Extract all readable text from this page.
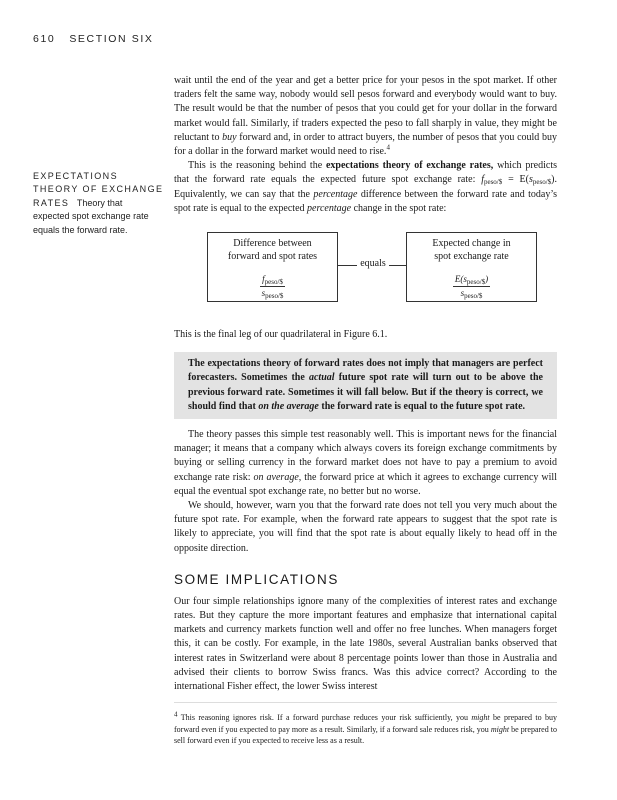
610 SECTION SIX
EXPECTATIONS
THEORY OF EXCHANGE
RATES Theory that
expected spot exchange rate equals the forward rate.

wait until the end of the year and get a better price for your pesos in the spot market. If other traders felt the same way, nobody would sell pesos forward and everybody would want to buy. The result would be that the number of pesos that you could get for your dollar in the forward market would fall. Similarly, if traders expected the peso to fall sharply in value, they might be reluctant to buy forward and, in order to attract buyers, the number of pesos that you could buy for a dollar in the forward market would need to rise.$^4$

This is the reasoning behind the expectations theory of exchange rates, which predicts that the forward rate equals the expected future spot exchange rate: $f_{peso/\$} = E(s_{peso/\$})$. Equivalently, we can say that the percentage difference between the forward rate and today’s spot rate is equal to the expected percentage change in the spot rate:

Difference between
forward and spot rates
$\frac{f_{peso/\$}}{s_{peso/\$}}$
equals
Expected change in
spot exchange rate
$\frac{E(s_{peso/\$})}{s_{peso/\$}}$

This is the final leg of our quadrilateral in Figure 6.1.

The expectations theory of forward rates does not imply that managers are perfect forecasters. Sometimes the actual future spot rate will turn out to be above the previous forward rate. Sometimes it will fall below. But if the theory is correct, we should find that on the average the forward rate is equal to the future spot rate.

The theory passes this simple test reasonably well. This is important news for the financial manager; it means that a company which always covers its foreign exchange commitments by buying or selling currency in the forward market does not have to pay a premium to avoid exchange rate risk: on average, the forward price at which it agrees to exchange currency will equal the eventual spot exchange rate, no better but no worse.

We should, however, warn you that the forward rate does not tell you very much about the future spot rate. For example, when the forward rate appears to suggest that the spot rate is likely to appreciate, you will find that the spot rate is about equally likely to head off in the opposite direction.

SOME IMPLICATIONS

Our four simple relationships ignore many of the complexities of interest rates and exchange rates. But they capture the more important features and emphasize that international capital markets and currency markets function well and offer no free lunches. When managers forget this, it can be costly. For example, in the late 1980s, several Australian banks observed that interest rates in Switzerland were about 8 percentage points lower than those in Australia and advised their clients to borrow Swiss francs. Was this advice correct? According to the international Fisher effect, the lower Swiss interest

$^4$ This reasoning ignores risk. If a forward purchase reduces your risk sufficiently, you might be prepared to buy forward even if you expected to pay more as a result. Similarly, if a forward sale reduces risk, you might be prepared to sell forward even if you expected to receive less as a result.
